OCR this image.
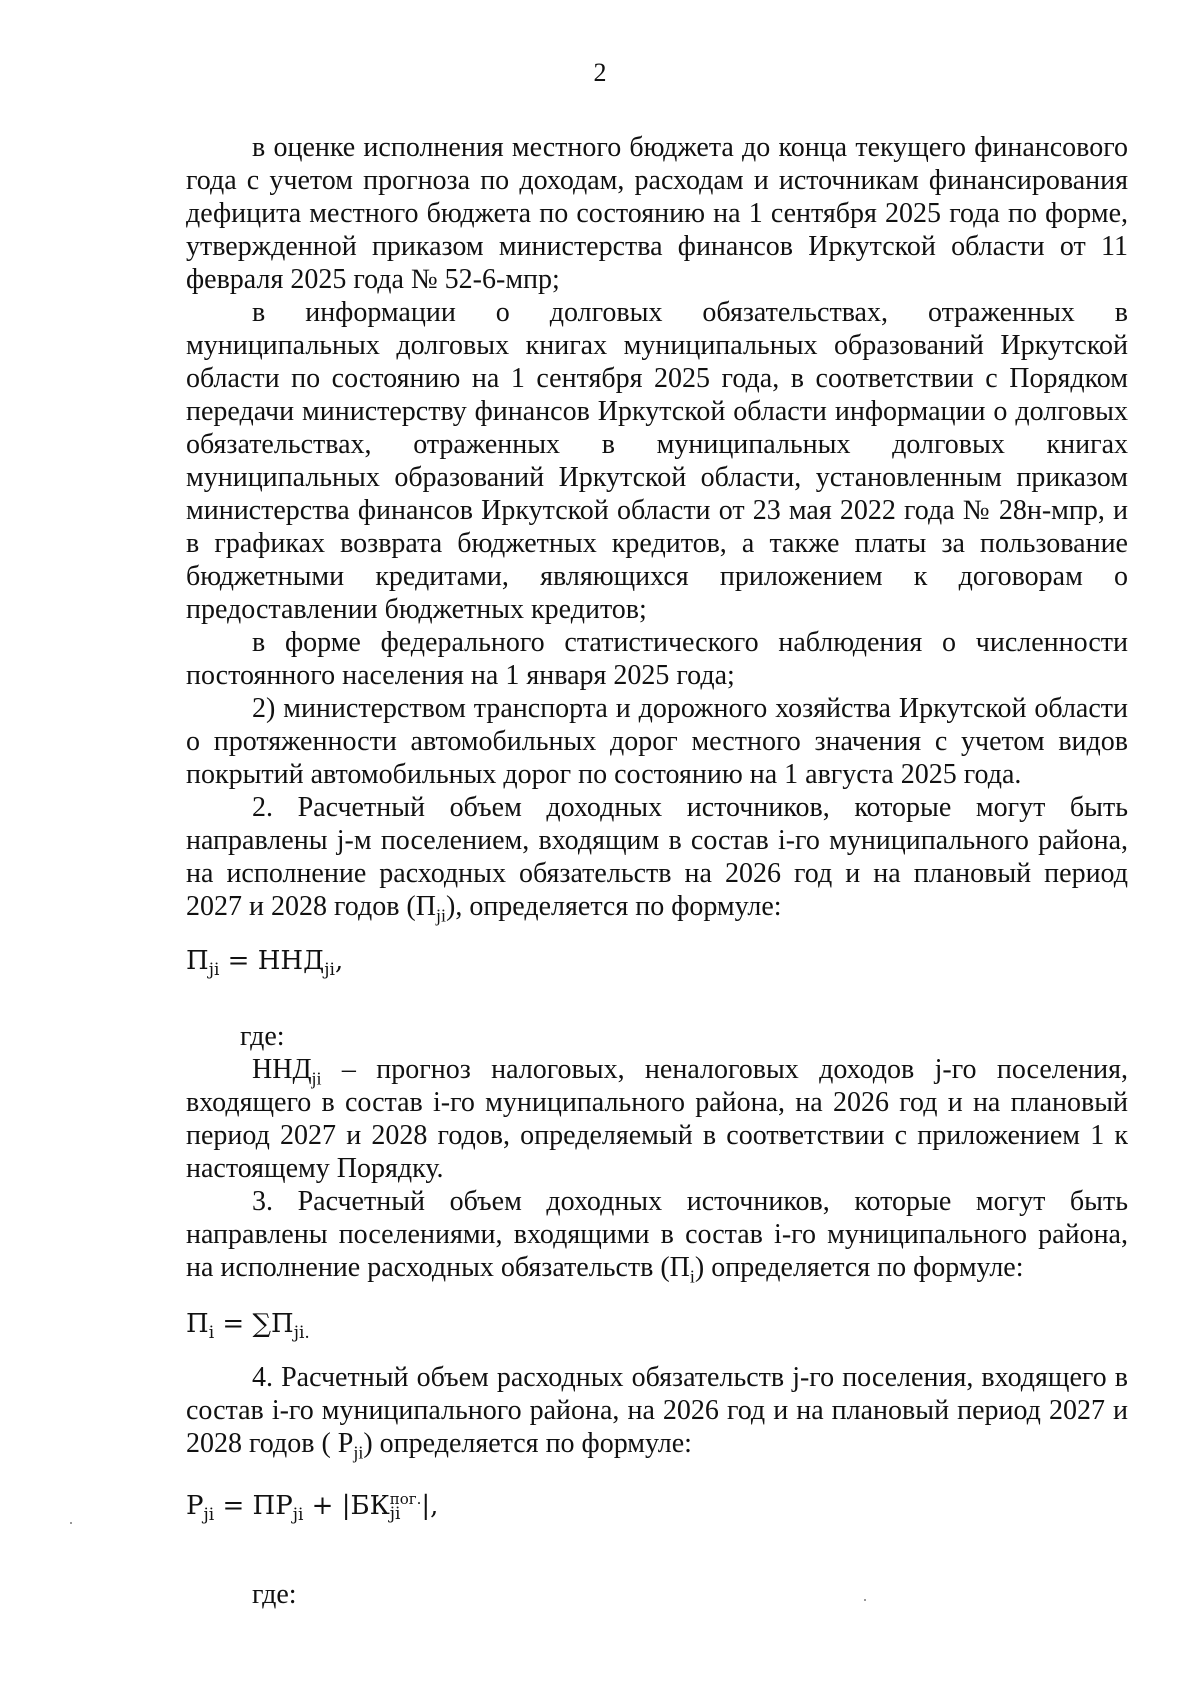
2

в оценке исполнения местного бюджета до конца текущего финансового года с учетом прогноза по доходам, расходам и источникам финансирования дефицита местного бюджета по состоянию на 1 сентября 2025 года по форме, утвержденной приказом министерства финансов Иркутской области от 11 февраля 2025 года № 52-6-мпр;

в информации о долговых обязательствах, отраженных в муниципальных долговых книгах муниципальных образований Иркутской области по состоянию на 1 сентября 2025 года, в соответствии с Порядком передачи министерству финансов Иркутской области информации о долговых обязательствах, отраженных в муниципальных долговых книгах муниципальных образований Иркутской области, установленным приказом министерства финансов Иркутской области от 23 мая 2022 года № 28н-мпр, и в графиках возврата бюджетных кредитов, а также платы за пользование бюджетными кредитами, являющихся приложением к договорам о предоставлении бюджетных кредитов;

в форме федерального статистического наблюдения о численности постоянного населения на 1 января 2025 года;

2) министерством транспорта и дорожного хозяйства Иркутской области о протяженности автомобильных дорог местного значения с учетом видов покрытий автомобильных дорог по состоянию на 1 августа 2025 года.

2. Расчетный объем доходных источников, которые могут быть направлены j-м поселением, входящим в состав i-го муниципального района, на исполнение расходных обязательств на 2026 год и на плановый период 2027 и 2028 годов $(П_{ji})$, определяется по формуле:

$П_{ji} = ННД_{ji}$,

где:

$ННД_{ji}$ – прогноз налоговых, неналоговых доходов j-го поселения, входящего в состав i-го муниципального района, на 2026 год и на плановый период 2027 и 2028 годов, определяемый в соответствии с приложением 1 к настоящему Порядку.

3. Расчетный объем доходных источников, которые могут быть направлены поселениями, входящими в состав i-го муниципального района, на исполнение расходных обязательств $(П_i)$ определяется по формуле:

$П_i = \sum П_{ji.}$

4. Расчетный объем расходных обязательств j-го поселения, входящего в состав i-го муниципального района, на 2026 год и на плановый период 2027 и 2028 годов ( $Р_{ji}$) определяется по формуле:

$Р_{ji} = ПР_{ji} + |БК$ пог.
ji |,

где:
